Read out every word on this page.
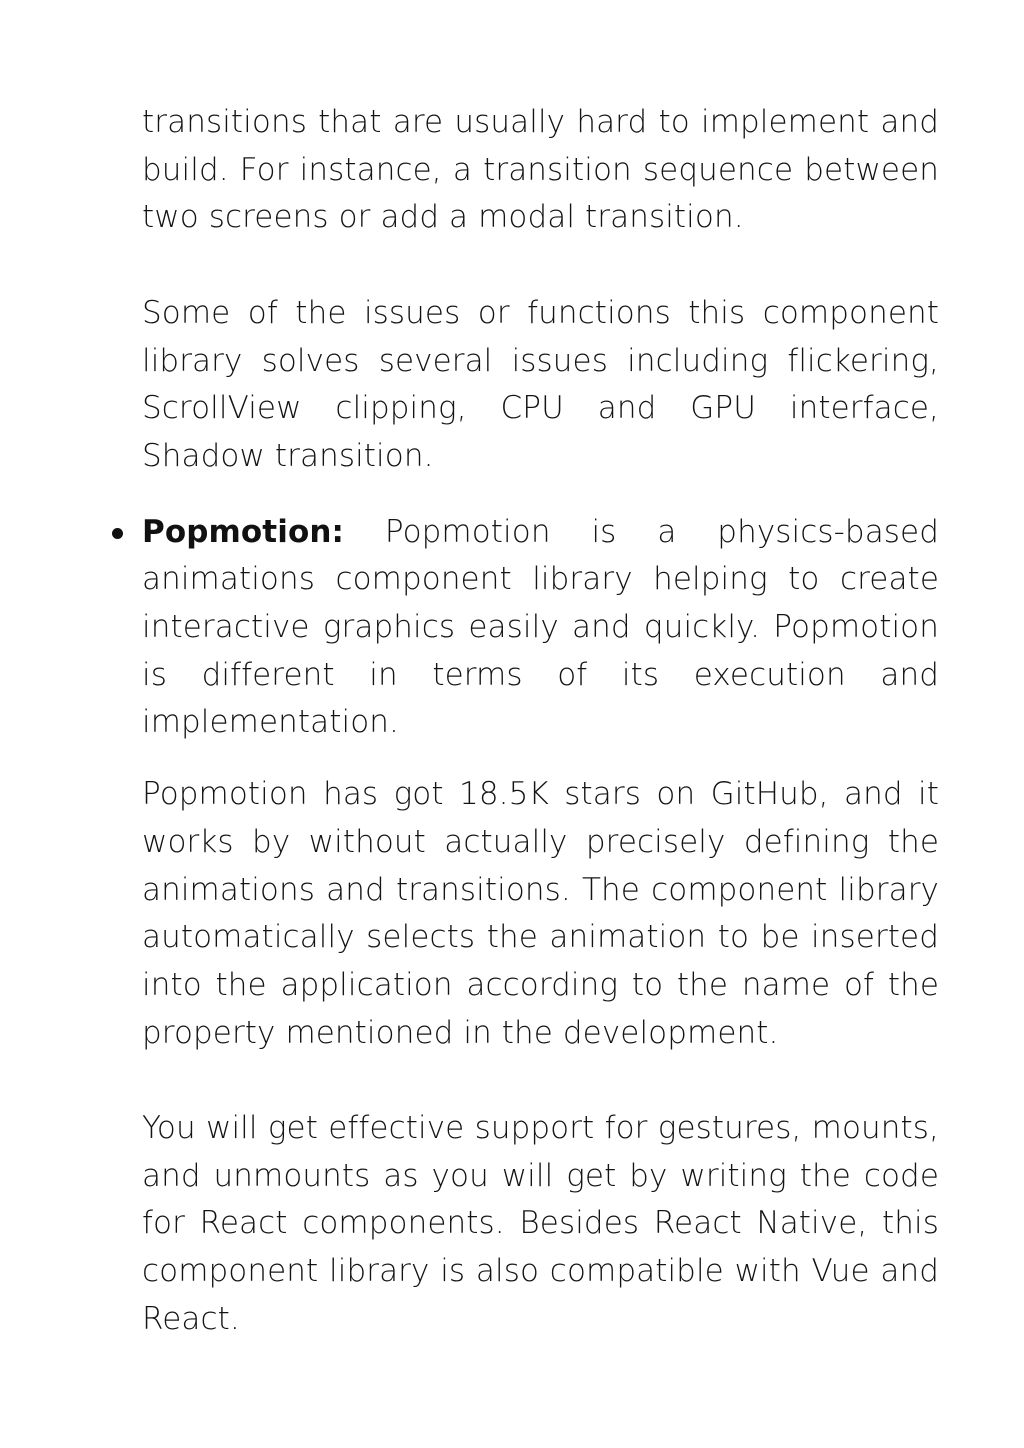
transitions that are usually hard to implement and build. For instance, a transition sequence between two screens or add a modal transition.

Some of the issues or functions this component library solves several issues including flickering, ScrollView clipping, CPU and GPU interface, Shadow transition.

Popmotion: Popmotion is a physics-based animations component library helping to create interactive graphics easily and quickly. Popmotion is different in terms of its execution and implementation.

Popmotion has got 18.5K stars on GitHub, and it works by without actually precisely defining the animations and transitions. The component library automatically selects the animation to be inserted into the application according to the name of the property mentioned in the development.

You will get effective support for gestures, mounts, and unmounts as you will get by writing the code for React components. Besides React Native, this component library is also compatible with Vue and React.
